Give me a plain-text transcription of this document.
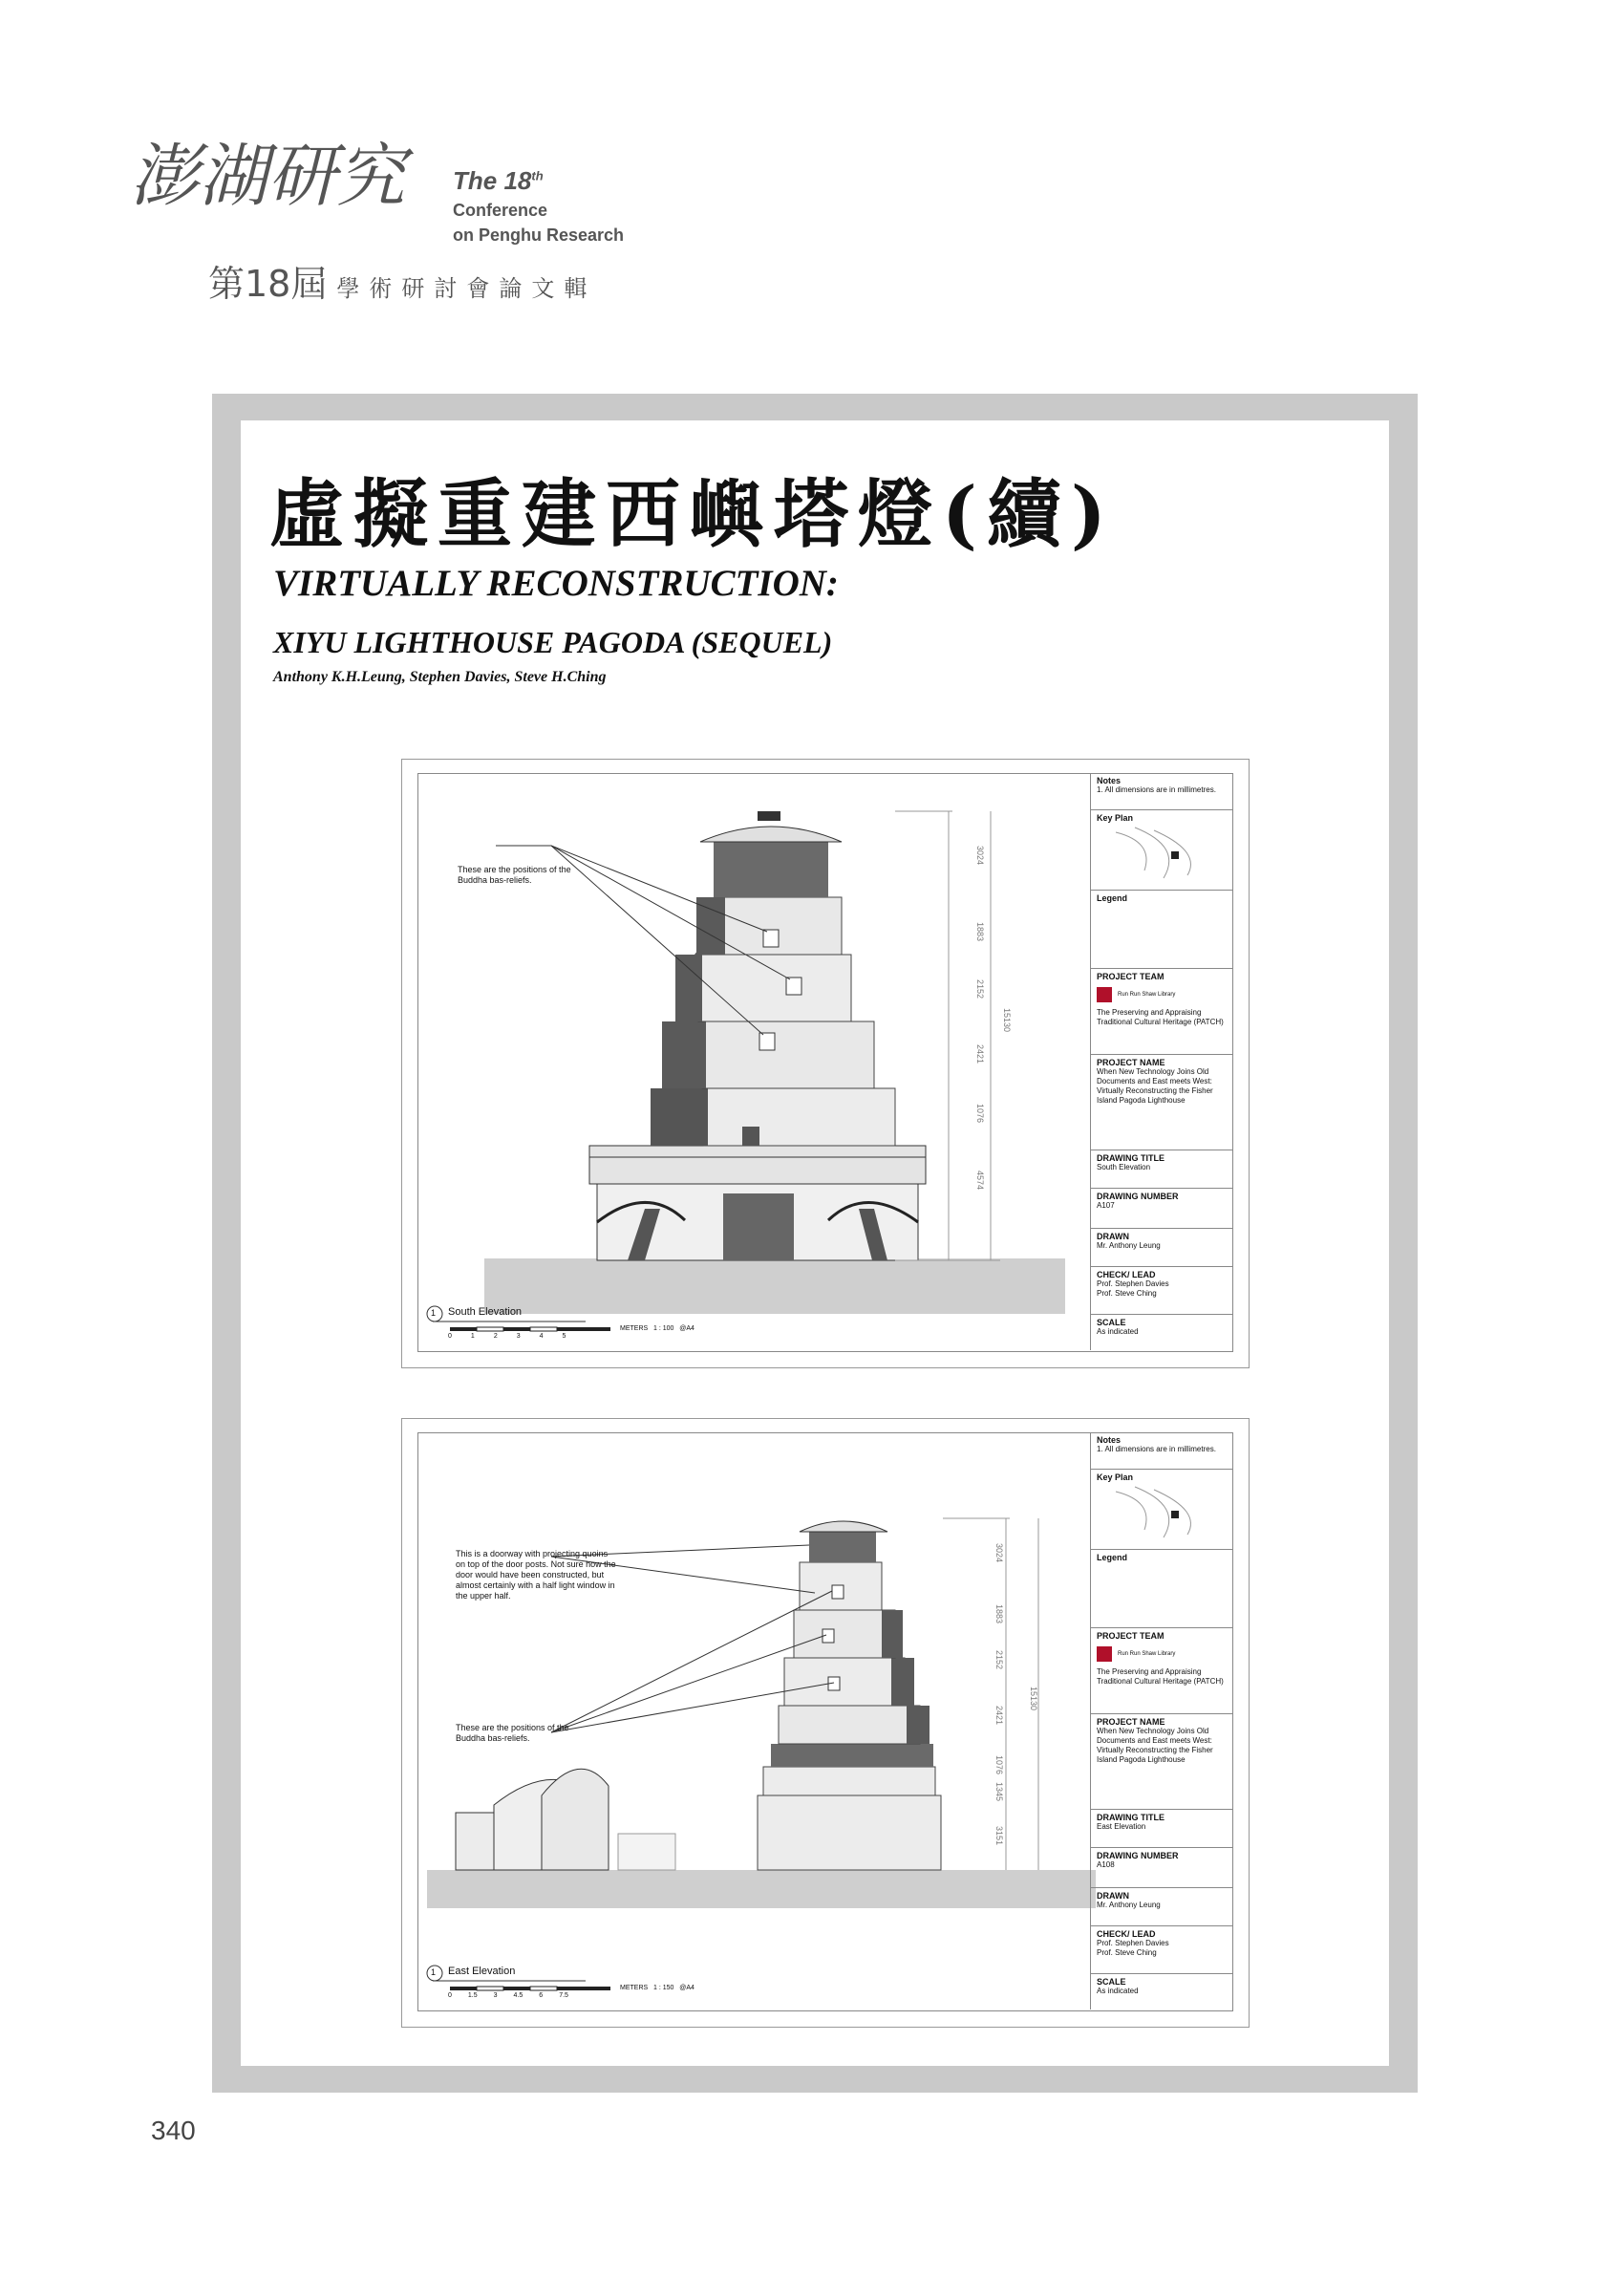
澎湖研究 The 18th
Conference
on Penghu Research
第18屆 學術研討會論文輯
虛擬重建西嶼塔燈(續)
VIRTUALLY RECONSTRUCTION:
XIYU LIGHTHOUSE PAGODA (SEQUEL)
Anthony K.H.Leung, Stephen Davies, Steve H.Ching
These are the positions of the Buddha bas-reliefs.
3024
1883
2152
2421
1076
4574
15130
1 South Elevation
0	1	2	3	4	5
METERS   1 : 100   @A4
Notes
1. All dimensions are in millimetres.
Key Plan
Legend
PROJECT TEAM
Run Run Shaw Library
The Preserving and Appraising Traditional Cultural Heritage (PATCH)
PROJECT NAME
When New Technology Joins Old Documents and East meets West: Virtually Reconstructing the Fisher Island Pagoda Lighthouse
DRAWING TITLE
South Elevation
DRAWING NUMBER
A107
DRAWN
Mr. Anthony Leung
CHECK/ LEAD
Prof. Stephen Davies
Prof. Steve Ching
SCALE
As indicated
This is a doorway with projecting quoins on top of the door posts. Not sure how the door would have been constructed, but almost certainly with a half light window in the upper half.
These are the positions of the Buddha bas-reliefs.
3024
1883
2152
2421
1076
1345
3151
15130
1 East Elevation
0 1.5 3 4.5 6 7.5
METERS   1 : 150   @A4
Notes
1. All dimensions are in millimetres.
Key Plan
Legend
PROJECT TEAM
Run Run Shaw Library
The Preserving and Appraising Traditional Cultural Heritage (PATCH)
PROJECT NAME
When New Technology Joins Old Documents and East meets West: Virtually Reconstructing the Fisher Island Pagoda Lighthouse
DRAWING TITLE
East Elevation
DRAWING NUMBER
A108
DRAWN
Mr. Anthony Leung
CHECK/ LEAD
Prof. Stephen Davies
Prof. Steve Ching
SCALE
As indicated
340
